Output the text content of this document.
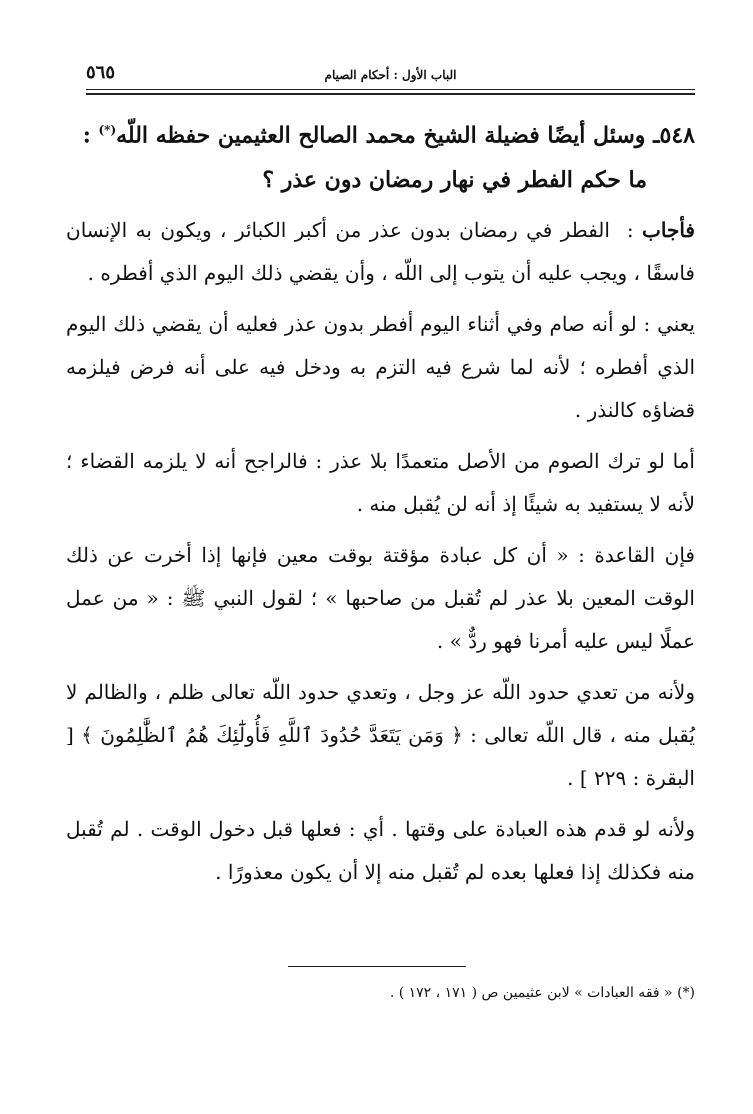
٥٦٥	الباب الأول : أحكام الصيام
٥٤٨ـ وسئل أيضًا فضيلة الشيخ محمد الصالح العثيمين حفظه اللّه(*) :
ما حكم الفطر في نهار رمضان دون عذر ؟

فأجاب :  الفطر في رمضان بدون عذر من أكبر الكبائر ، ويكون به الإنسان فاسقًا ، ويجب عليه أن يتوب إلى اللّه ، وأن يقضي ذلك اليوم الذي أفطره .

يعني : لو أنه صام وفي أثناء اليوم أفطر بدون عذر فعليه أن يقضي ذلك اليوم الذي أفطره ؛ لأنه لما شرع فيه التزم به ودخل فيه على أنه فرض فيلزمه قضاؤه كالنذر .

أما لو ترك الصوم من الأصل متعمدًا بلا عذر : فالراجح أنه لا يلزمه القضاء ؛ لأنه لا يستفيد به شيئًا إذ أنه لن يُقبل منه .

فإن القاعدة : « أن كل عبادة مؤقتة بوقت معين فإنها إذا أخرت عن ذلك الوقت المعين بلا عذر لم تُقبل من صاحبها » ؛ لقول النبي ﷺ : « من عمل عملًا ليس عليه أمرنا فهو ردٌّ » .

ولأنه من تعدي حدود اللّه عز وجل ، وتعدي حدود اللّه تعالى ظلم ، والظالم لا يُقبل منه ، قال اللّه تعالى : ﴿ وَمَن يَتَعَدَّ حُدُودَ ٱللَّهِ فَأُولَٰٓئِكَ هُمُ ٱلظَّٰلِمُونَ ﴾ [ البقرة : ٢٢٩ ] .

ولأنه لو قدم هذه العبادة على وقتها . أي : فعلها قبل دخول الوقت . لم تُقبل منه فكذلك إذا فعلها بعده لم تُقبل منه إلا أن يكون معذورًا .

(*) « فقه العبادات » لابن عثيمين ص ( ١٧١ ، ١٧٢ ) .
